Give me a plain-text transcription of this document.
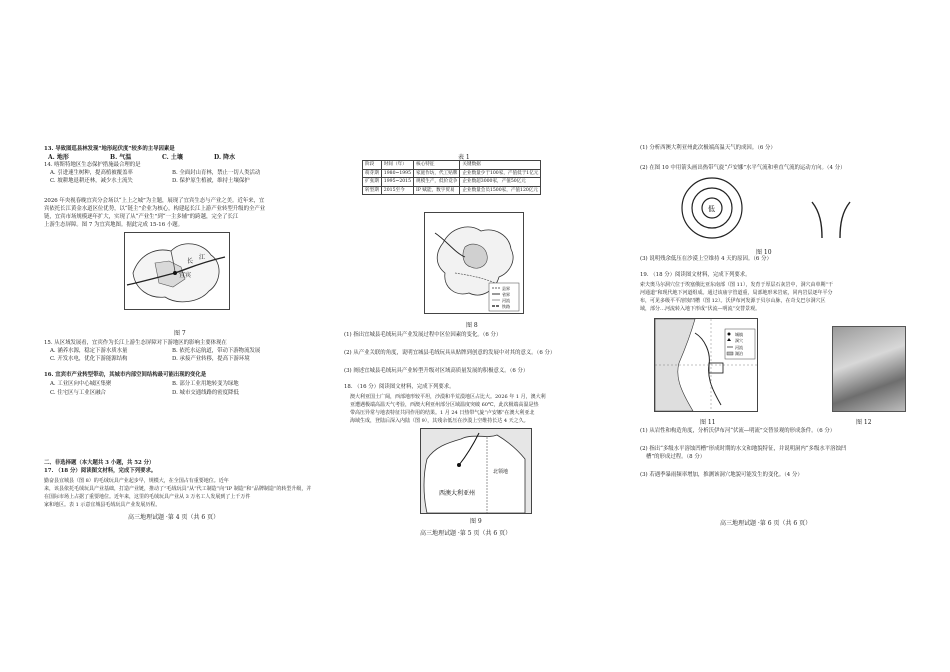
13. 导致图巡县林发现“地形起伏度”较多的主导因素是
A. 地形	B. 气温	C. 土壤	D. 降水
14. 喀斯特地区生态保护措施最合理的是
A. 引进速生树种，提高植被覆盖率	B. 全面封山育林，禁止一切人类活动
C. 坡耕地退耕还林，减少水土流失	D. 保护原生植被，维持土壤保护
2026 年央视春晚宜宾分会场以“上上之城”为主题，展现了宜宾生态与产业之美。近年来，宜
宾依托长江黄金水道区位优势，以“链主”企业为核心，构建起长江上游产业转型升级的全产业
链，宜宾市场规模逐年扩大，实现了从“产业生”到“一主多辅”的跨越，完全了长江
上游生态屏障。图 7 为宜宾地图。据此完成 15-16 小题。
宜宾
长
江
图 7
15. 从区域发展看，宜宾作为长江上游生态屏障对下游地区的影响主要体现在
A. 涵养水源，稳定下游水质水量	B. 依托水运航道，带动下游物流发展
C. 开发水电，优化下游能源结构	D. 承接产业转移，提高下游环境
16. 宜宾市产业转型带动，其城市内部空间结构最可能出现的变化是
A. 工业区向中心城区集聚	B. 部分工业用地转变为绿地
C. 住宅区与工业区融合	D. 城市交通线路的密度降低
二、非选择题（本大题共 3 小题，共 52 分）
17. （18 分）阅读图文材料，完成下列要求。
勤奋县宜城县（图 8）的毛绒玩具产业起步早，规模大，在全国占有重要地位。近年
来，该县依托毛绒玩具产业基础，打造产业链，推动了“毛绒玩具”从“代工制造”向“IP 制造”和“品牌制造”的转型升级，并
在国际市场上占据了重要地位。近年来，这里的毛绒玩具产业从 3 万名工人发展到了上千万件
家和地区。表 1 示意宜城县毛绒玩具产业发展历程。
高三地理试题 ·第 4 页（共 6 页）
表 1
阶段	时间（年）	核心特征	关键数据
萌芽期	1980~1995	家庭作坊，代工贴牌	企业数量少于100家，产值低于1亿元
扩张期	1995~2015	规模生产，低价竞争	企业数超3000家，产值50亿元
转型期	2015至今	IP 赋能，数字贸易	企业数量会员1500家，产值120亿元
县界
省界
河流
铁路
图 8
(1) 指出宜城县毛绒玩具产业发展过程中区位因素的变化。（6 分）
(2) 从产业关联的角度，说明宜城县毛绒玩具从贴牌到创意的发展中对其的意义。（6 分）
(3) 阐述宜城县毛绒玩具产业转型升级对区域高质量发展的积极意义。（6 分）
18. （16 分）阅读图文材料，完成下列要求。
澳大利亚国土广阔，西部地形较平坦，沙漠和半荒漠地区占比大。2026 年 1 月，澳大利
亚遭遇极端高温天气考验，西澳大利亚州部分区域温度突破 60℃，此次极端高温是热
带高压异常与地表特征共同作用的结果。1 月 24 日热带气旋“卢安娜”在澳大利亚北
海域生成，登陆后深入内陆（图 9），其残余低压在沙漠上空维持长达 4 天之久。
西澳大利亚州
北领地
图 9
高三地理试题 ·第 5 页（共 6 页）
(1) 分析西澳大利亚州此次极端高温天气的成因。（6 分）
(2) 在图 10 中用箭头画出热带气旋“卢安娜”水平气流和垂直气流的运动方向。（4 分）
低
图 10
(3) 说明残余低压在沙漠上空维持 4 天的原因。（6 分）
19. （18 分）阅读图文材料，完成下列要求。
索夫奥马尔洞穴位于埃塞俄比亚东南部（图 11），发育于厚层石灰岩中，洞穴由单期“干
河通道”和现代地下河道组成。通过该庙宇管道重，局部地形米岩底，同内岩层逐年平分
布，可见多级平平溶蚀凹槽（图 12）。沃伊布河发源于贝尔山脉，在奇戈巴尔洞穴区
域，部分…河流转入地下形成“伏流—明流”交替景观。
城镇
洞穴
河流
湖泊
图 11	图 12
(1) 从岩性和构造角度，分析沃伊布河“伏流—明流”交替景观的形成条件。（6 分）
(2) 指出“多级水平溶蚀凹槽”形成时期的水文和地貌特征，并说明洞内“多级水平溶蚀凹
槽”的形成过程。（8 分）
(3) 若遇季暴雨频率增加，推测该洞穴地貌可能发生的变化。（4 分）
高三地理试题 ·第 6 页（共 6 页）
